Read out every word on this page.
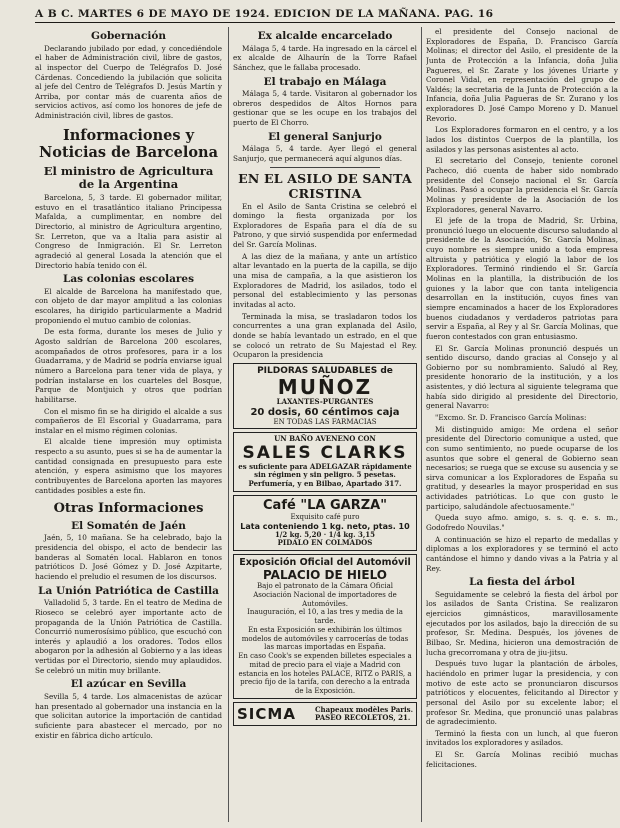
A B C. MARTES 6 DE MAYO DE 1924. EDICION DE LA MAÑANA. PAG. 16
Gobernación

Declarando jubilado por edad, y concediéndole el haber de Administración civil, libre de gastos, al inspector del Cuerpo de Telégrafos D. José Cárdenas. Concediendo la jubilación que solicita al jefe del Centro de Telégrafos D. Jesús Martín y Arriba, por contar más de cuarenta años de servicios activos, así como los honores de jefe de Administración civil, libres de gastos.

Informaciones y Noticias de Barcelona
El ministro de Agricultura de la Argentina

Barcelona, 5, 3 tarde. El gobernador militar, estuvo en el trasatlántico italiano Principessa Mafalda, a cumplimentar, en nombre del Directorio, al ministro de Agricultura argentino, Sr. Lerreton, que va a Italia para asistir al Congreso de Inmigración. El Sr. Lerreton agradeció al general Losada la atención que el Directorio había tenido con él.

Las colonias escolares

El alcalde de Barcelona ha manifestado que, con objeto de dar mayor amplitud a las colonias escolares, ha dirigido particularmente a Madrid proponiendo el mutuo cambio de colonias.

De esta forma, durante los meses de Julio y Agosto saldrían de Barcelona 200 escolares, acompañados de otros profesores, para ir a los Guadarrama, y de Madrid se podría enviarse igual número a Barcelona para tener vida de playa, y podrían instalarse en los cuarteles del Bosque, Parque de Montjuich y otros que podrían habilitarse.

Con el mismo fin se ha dirigido el alcalde a sus compañeros de El Escorial y Guadarrama, para instalar en el mismo régimen colonias.

El alcalde tiene impresión muy optimista respecto a su asunto, pues si se ha de aumentar la cantidad consignada en presupuesto para este atención, y espera asimismo que los mayores contribuyentes de Barcelona aporten las mayores cantidades posibles a este fin.

Otras Informaciones
El Somatén de Jaén

Jaén, 5, 10 mañana. Se ha celebrado, bajo la presidencia del obispo, el acto de bendecir las banderas al Somatén local. Hablaron en tonos patrióticos D. José Gómez y D. José Azpitarte, haciendo el preludio el resumen de los discursos.

La Unión Patriótica de Castilla

Valladolid 5, 3 tarde. En el teatro de Medina de Rioseco se celebró ayer importante acto de propaganda de la Unión Patriótica de Castilla. Concurrió numerosísimo público, que escuchó con interés y aplaudió a los oradores. Todos ellos abogaron por la adhesión al Gobierno y a las ideas vertidas por el Directorio, siendo muy aplaudidos. Se celebró un mitin muy brillante.

El azúcar en Sevilla

Sevilla 5, 4 tarde. Los almacenistas de azúcar han presentado al gobernador una instancia en la que solicitan autorice la importación de cantidad suficiente para abastecer el mercado, por no existir en fábrica dicho artículo.

Ex alcalde encarcelado

Málaga 5, 4 tarde. Ha ingresado en la cárcel el ex alcalde de Alhaurín de la Torre Rafael Sánchez, que le fallaba procesado.

El trabajo en Málaga

Málaga 5, 4 tarde. Visitaron al gobernador los obreros despedidos de Altos Hornos para gestionar que se les ocupe en los trabajos del puerto de El Chorro.

El general Sanjurjo

Málaga 5, 4 tarde. Ayer llegó el general Sanjurjo, que permanecerá aquí algunos días.

EN EL ASILO DE SANTA CRISTINA

En el Asilo de Santa Cristina se celebró el domingo la fiesta organizada por los Exploradores de España para el día de su Patrono, y que sirvió suspendida por enfermedad del Sr. García Molinas.

A las diez de la mañana, y ante un artístico altar levantado en la puerta de la capilla, se dijo una misa de campaña, a la que asistieron los Exploradores de Madrid, los asilados, todo el personal del establecimiento y las personas invitadas al acto.

Terminada la misa, se trasladaron todos los concurrentes a una gran explanada del Asilo, donde se había levantado un estrado, en el que se colocó un retrato de Su Majestad el Rey. Ocuparon la presidencia

PILDORAS SALUDABLES de
MUÑOZ
LAXANTES-PURGANTES
20 dosis, 60 céntimos caja
EN TODAS LAS FARMACIAS
UN BAÑO AVENENO CON
SALES CLARKS
es suficiente para ADELGAZAR rápidamente sin régimen y sin peligro. 5 pesetas. Perfumería, y en Bilbao, Apartado 317.
Café "LA GARZA"
Exquisito café puro
Lata conteniendo 1 kg. neto, ptas. 10
1/2 kg. 5,20 · 1/4 kg. 3,15
PIDALO EN COLMADOS
Exposición Oficial del Automóvil
PALACIO DE HIELO
Bajo el patronato de la Cámara Oficial Asociación Nacional de importadores de Automóviles.
Inauguración, el 10, a las tres y media de la tarde.
En esta Exposición se exhibirán los últimos modelos de automóviles y carrocerías de todas las marcas importadas en España.
En caso Cook's se expenden billetes especiales a mitad de precio para el viaje a Madrid con estancia en los hoteles PALACE, RITZ o PARIS, a precio fijo de la tarifa, con derecho a la entrada de la Exposición.
SICMA	Chapeaux modèles Paris.
PASEO RECOLETOS, 21.

el presidente del Consejo nacional de Exploradores de España, D. Francisco García Molinas; el director del Asilo, el presidente de la Junta de Protección a la Infancia, doña Julia Pagueres, el Sr. Zarate y los jóvenes Uriarte y Coronel Vidal, en representación del grupo de Valdés; la secretaria de la Junta de Protección a la Infancia, doña Julia Pagueras de Sr. Zurano y los exploradores D. José Campo Moreno y D. Manuel Revorio.

Los Exploradores formaron en el centro, y a los lados los distintos Cuerpos de la plantilla, los asilados y las personas asistentes al acto.

El secretario del Consejo, teniente coronel Pacheco, dió cuenta de haber sido nombrado presidente del Consejo nacional el Sr. García Molinas. Pasó a ocupar la presidencia el Sr. García Molinas y presidente de la Asociación de los Exploradores, general Navarro.

El jefe de la tropa de Madrid, Sr. Urbina, pronunció luego un elocuente discurso saludando al presidente de la Asociación, Sr. García Molinas, cuyo nombre es siempre unido a toda empresa altruista y patriótica y elogió la labor de los Exploradores. Terminó rindiendo el Sr. García Molinas en la plantilla, la distribución de los guiones y la labor que con tanta inteligencia desarrollan en la institución, cuyos fines van siempre encaminados a hacer de los Exploradores buenos ciudadanos y verdaderos patriotas para servir a España, al Rey y al Sr. García Molinas, que fueron contestados con gran entusiasmo.

El Sr. García Molinas pronunció después un sentido discurso, dando gracias al Consejo y al Gobierno por su nombramiento. Saludó al Rey, presidente honorario de la institución, y a los asistentes, y dió lectura al siguiente telegrama que había sido dirigido al presidente del Directorio, general Navarro:

"Excmo. Sr. D. Francisco García Molinas:

Mi distinguido amigo: Me ordena el señor presidente del Directorio comunique a usted, que con sumo sentimiento, no puede ocuparse de los asuntos que sobre el general de Gobierno sean necesarios; se ruega que se excuse su ausencia y se sirva comunicar a los Exploradores de España su gratitud, y desearles la mayor prosperidad en sus actividades patrióticas. Lo que con gusto le participo, saludándole afectuosamente."

Queda suyo afmo. amigo, s. s. q. e. s. m., Godofredo Nouvilas."

A continuación se hizo el reparto de medallas y diplomas a los exploradores y se terminó el acto cantándose el himno y dando vivas a la Patria y al Rey.

La fiesta del árbol

Seguidamente se celebró la fiesta del árbol por los asilados de Santa Cristina. Se realizaron ejercicios gimnásticos, maravillosamente ejecutados por los asilados, bajo la dirección de su profesor, Sr. Medina. Después, los jóvenes de Bilbao, Sr. Medina, hicieron una demostración de lucha grecorromana y otra de jiu-jitsu.

Después tuvo lugar la plantación de árboles, haciéndolo en primer lugar la presidencia, y con motivo de este acto se pronunciaron discursos patrióticos y elocuentes, felicitando al Director y personal del Asilo por su excelente labor; el profesor Sr. Medina, que pronunció unas palabras de agradecimiento.

Terminó la fiesta con un lunch, al que fueron invitados los exploradores y asilados.

El Sr. García Molinas recibió muchas felicitaciones.
